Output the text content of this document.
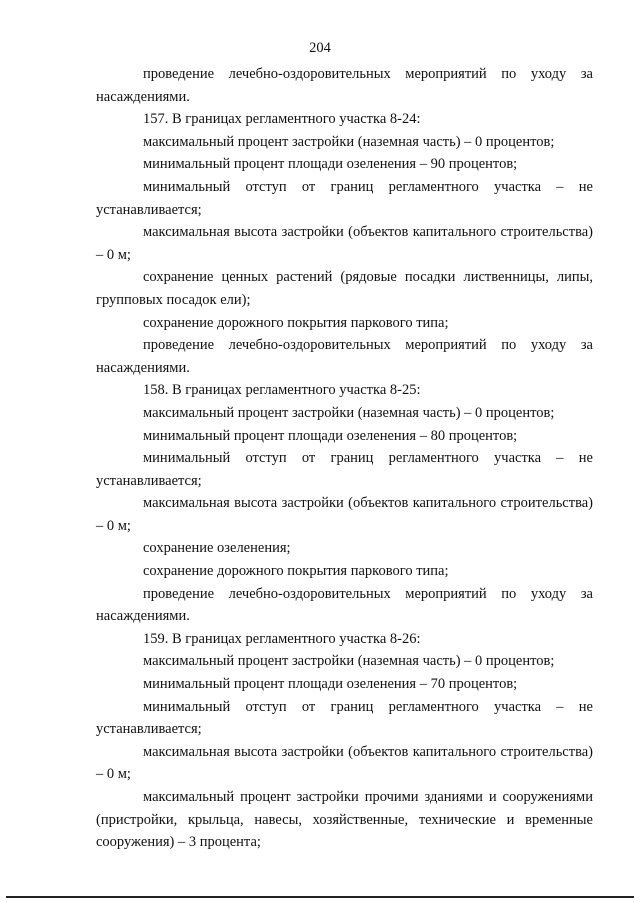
204

проведение лечебно-оздоровительных мероприятий по уходу за насаждениями.

157. В границах регламентного участка 8-24:

максимальный процент застройки (наземная часть) – 0 процентов;

минимальный процент площади озеленения – 90 процентов;

минимальный отступ от границ регламентного участка – не устанавливается;

максимальная высота застройки (объектов капитального строительства) – 0 м;

сохранение ценных растений (рядовые посадки лиственницы, липы, групповых посадок ели);

сохранение дорожного покрытия паркового типа;

проведение лечебно-оздоровительных мероприятий по уходу за насаждениями.

158. В границах регламентного участка 8-25:

максимальный процент застройки (наземная часть) – 0 процентов;

минимальный процент площади озеленения – 80 процентов;

минимальный отступ от границ регламентного участка – не устанавливается;

максимальная высота застройки (объектов капитального строительства) – 0 м;

сохранение озеленения;

сохранение дорожного покрытия паркового типа;

проведение лечебно-оздоровительных мероприятий по уходу за насаждениями.

159. В границах регламентного участка 8-26:

максимальный процент застройки (наземная часть) – 0 процентов;

минимальный процент площади озеленения – 70 процентов;

минимальный отступ от границ регламентного участка – не устанавливается;

максимальная высота застройки (объектов капитального строительства) – 0 м;

максимальный процент застройки прочими зданиями и сооружениями (пристройки, крыльца, навесы, хозяйственные, технические и временные сооружения) – 3 процента;
